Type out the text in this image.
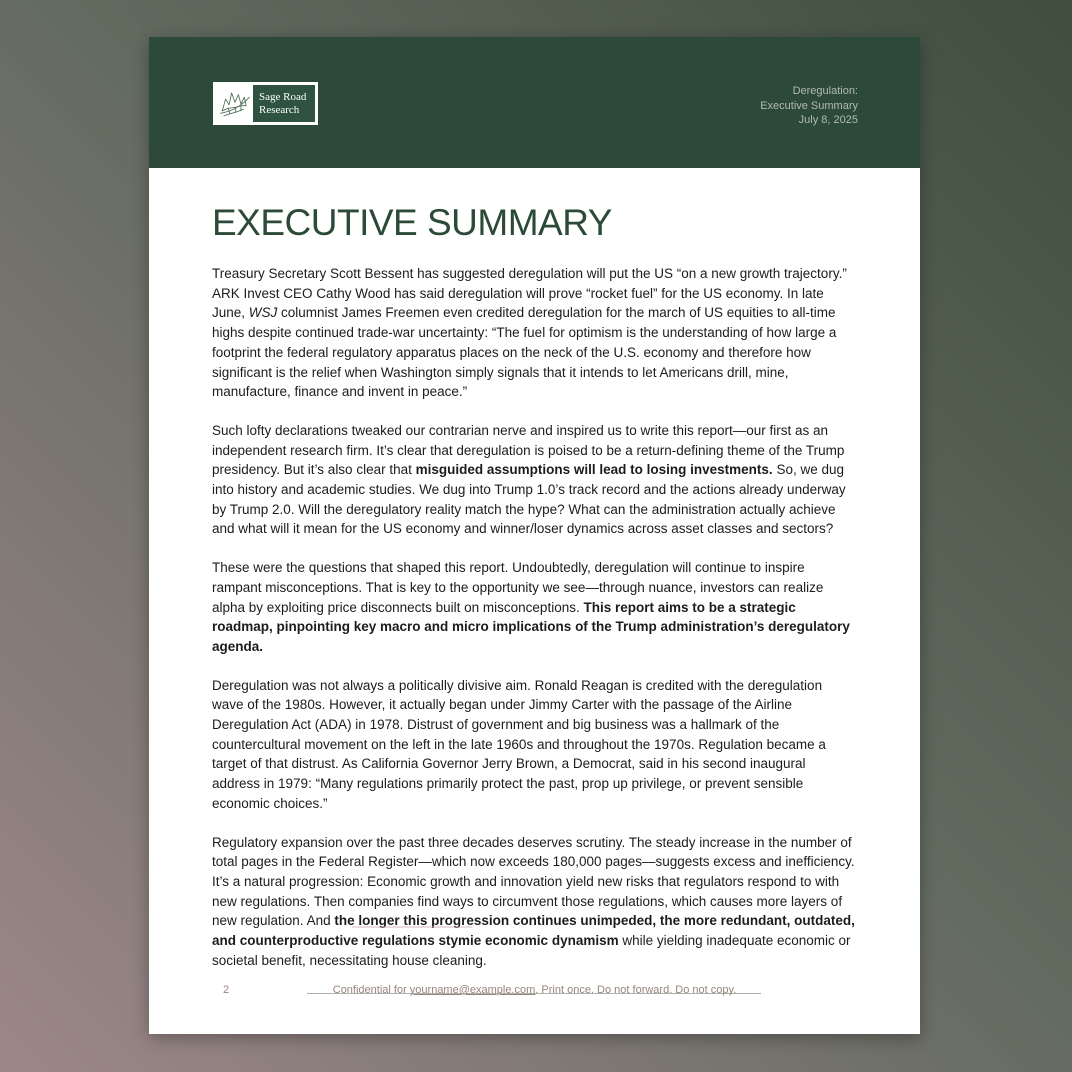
Sage Road
Research
Deregulation:
Executive Summary
July 8, 2025
EXECUTIVE SUMMARY

Treasury Secretary Scott Bessent has suggested deregulation will put the US “on a new growth trajectory.” ARK Invest CEO Cathy Wood has said deregulation will prove “rocket fuel” for the US economy. In late June, WSJ columnist James Freemen even credited deregulation for the march of US equities to all-time highs despite continued trade-war uncertainty: “The fuel for optimism is the understanding of how large a footprint the federal regulatory apparatus places on the neck of the U.S. economy and therefore how significant is the relief when Washington simply signals that it intends to let Americans drill, mine, manufacture, finance and invent in peace.”

Such lofty declarations tweaked our contrarian nerve and inspired us to write this report—our first as an independent research firm. It’s clear that deregulation is poised to be a return-defining theme of the Trump presidency. But it’s also clear that misguided assumptions will lead to losing investments. So, we dug into history and academic studies. We dug into Trump 1.0’s track record and the actions already underway by Trump 2.0. Will the deregulatory reality match the hype? What can the administration actually achieve and what will it mean for the US economy and winner/loser dynamics across asset classes and sectors?

These were the questions that shaped this report. Undoubtedly, deregulation will continue to inspire rampant misconceptions. That is key to the opportunity we see—through nuance, investors can realize alpha by exploiting price disconnects built on misconceptions. This report aims to be a strategic roadmap, pinpointing key macro and micro implications of the Trump administration’s deregulatory agenda.

Deregulation was not always a politically divisive aim. Ronald Reagan is credited with the deregulation wave of the 1980s. However, it actually began under Jimmy Carter with the passage of the Airline Deregulation Act (ADA) in 1978. Distrust of government and big business was a hallmark of the countercultural movement on the left in the late 1960s and throughout the 1970s. Regulation became a target of that distrust. As California Governor Jerry Brown, a Democrat, said in his second inaugural address in 1979: “Many regulations primarily protect the past, prop up privilege, or prevent sensible economic choices.”

Regulatory expansion over the past three decades deserves scrutiny. The steady increase in the number of total pages in the Federal Register—which now exceeds 180,000 pages—suggests excess and inefficiency. It’s a natural progression: Economic growth and innovation yield new risks that regulators respond to with new regulations. Then companies find ways to circumvent those regulations, which causes more layers of new regulation. And the longer this progression continues unimpeded, the more redundant, outdated, and counterproductive regulations stymie economic dynamism while yielding inadequate economic or societal benefit, necessitating house cleaning.

2	Confidential for yourname@example.com. Print once. Do not forward. Do not copy.
